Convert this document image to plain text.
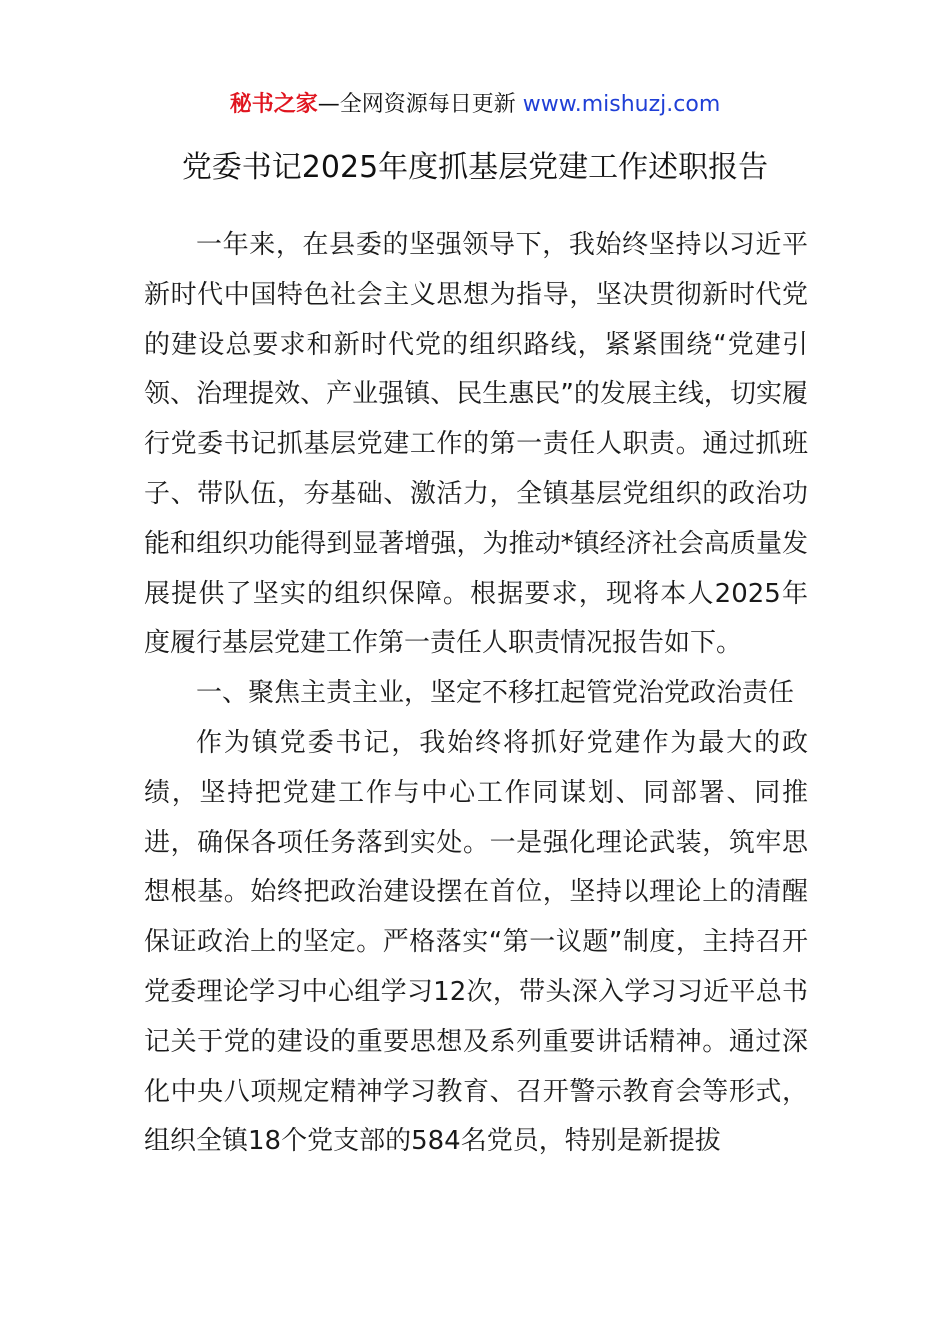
秘书之家—全网资源每日更新 www.mishuzj.com
党委书记2025年度抓基层党建工作述职报告

一年来，在县委的坚强领导下，我始终坚持以习近平新时代中国特色社会主义思想为指导，坚决贯彻新时代党的建设总要求和新时代党的组织路线，紧紧围绕“党建引领、治理提效、产业强镇、民生惠民”的发展主线，切实履行党委书记抓基层党建工作的第一责任人职责。通过抓班子、带队伍，夯基础、激活力，全镇基层党组织的政治功能和组织功能得到显著增强，为推动*镇经济社会高质量发展提供了坚实的组织保障。根据要求，现将本人2025年度履行基层党建工作第一责任人职责情况报告如下。

一、聚焦主责主业，坚定不移扛起管党治党政治责任

作为镇党委书记，我始终将抓好党建作为最大的政绩，坚持把党建工作与中心工作同谋划、同部署、同推进，确保各项任务落到实处。一是强化理论武装，筑牢思想根基。始终把政治建设摆在首位，坚持以理论上的清醒保证政治上的坚定。严格落实“第一议题”制度，主持召开党委理论学习中心组学习12次，带头深入学习习近平总书记关于党的建设的重要思想及系列重要讲话精神。通过深化中央八项规定精神学习教育、召开警示教育会等形式，组织全镇18个党支部的584名党员，特别是新提拔
